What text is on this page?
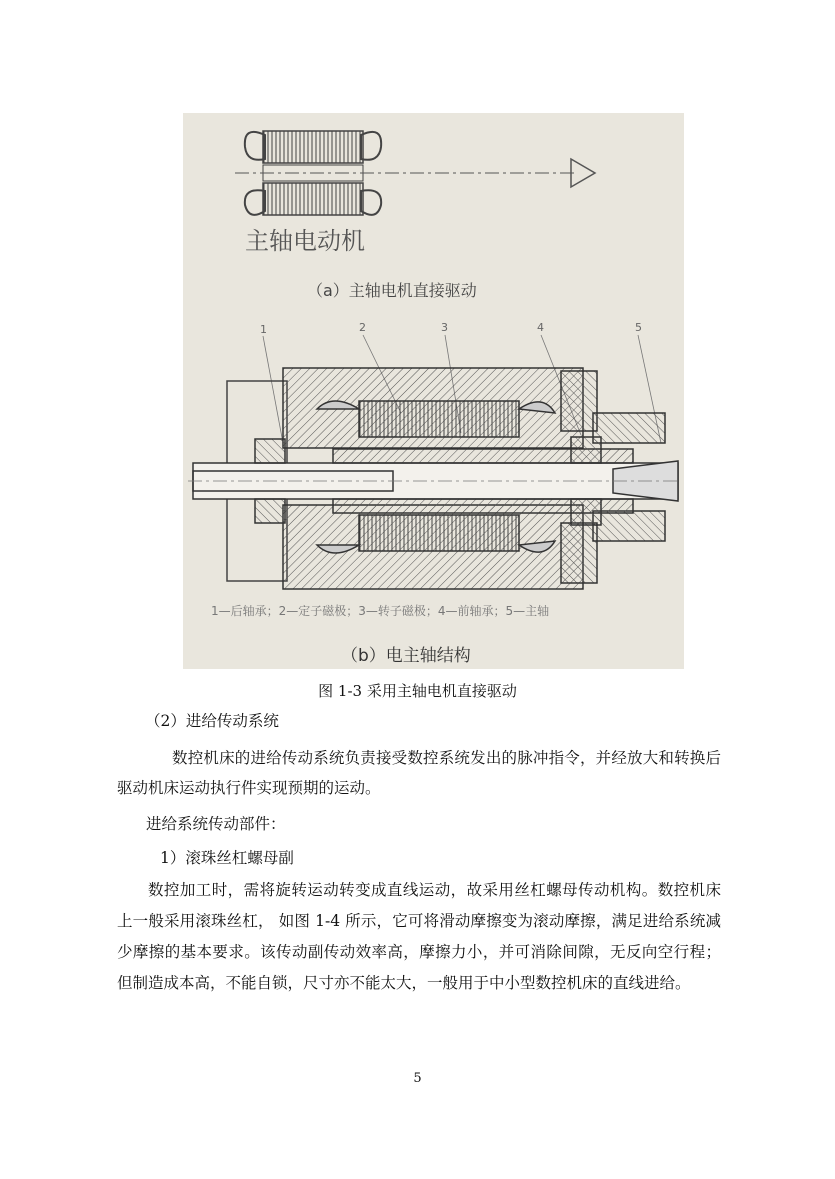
主轴电动机
（a）主轴电机直接驱动
1	2	3	4	5
1—后轴承；2—定子磁极；3—转子磁极；4—前轴承；5—主轴
（b）电主轴结构
图 1-3 采用主轴电机直接驱动
（2）进给传动系统
数控机床的进给传动系统负责接受数控系统发出的脉冲指令，并经放大和转换后驱动机床运动执行件实现预期的运动。
进给系统传动部件：
1）滚珠丝杠螺母副
数控加工时，需将旋转运动转变成直线运动，故采用丝杠螺母传动机构。数控机床上一般采用滚珠丝杠， 如图 1-4 所示，它可将滑动摩擦变为滚动摩擦，满足进给系统减少摩擦的基本要求。该传动副传动效率高，摩擦力小，并可消除间隙，无反向空行程；但制造成本高，不能自锁，尺寸亦不能太大，一般用于中小型数控机床的直线进给。
5
